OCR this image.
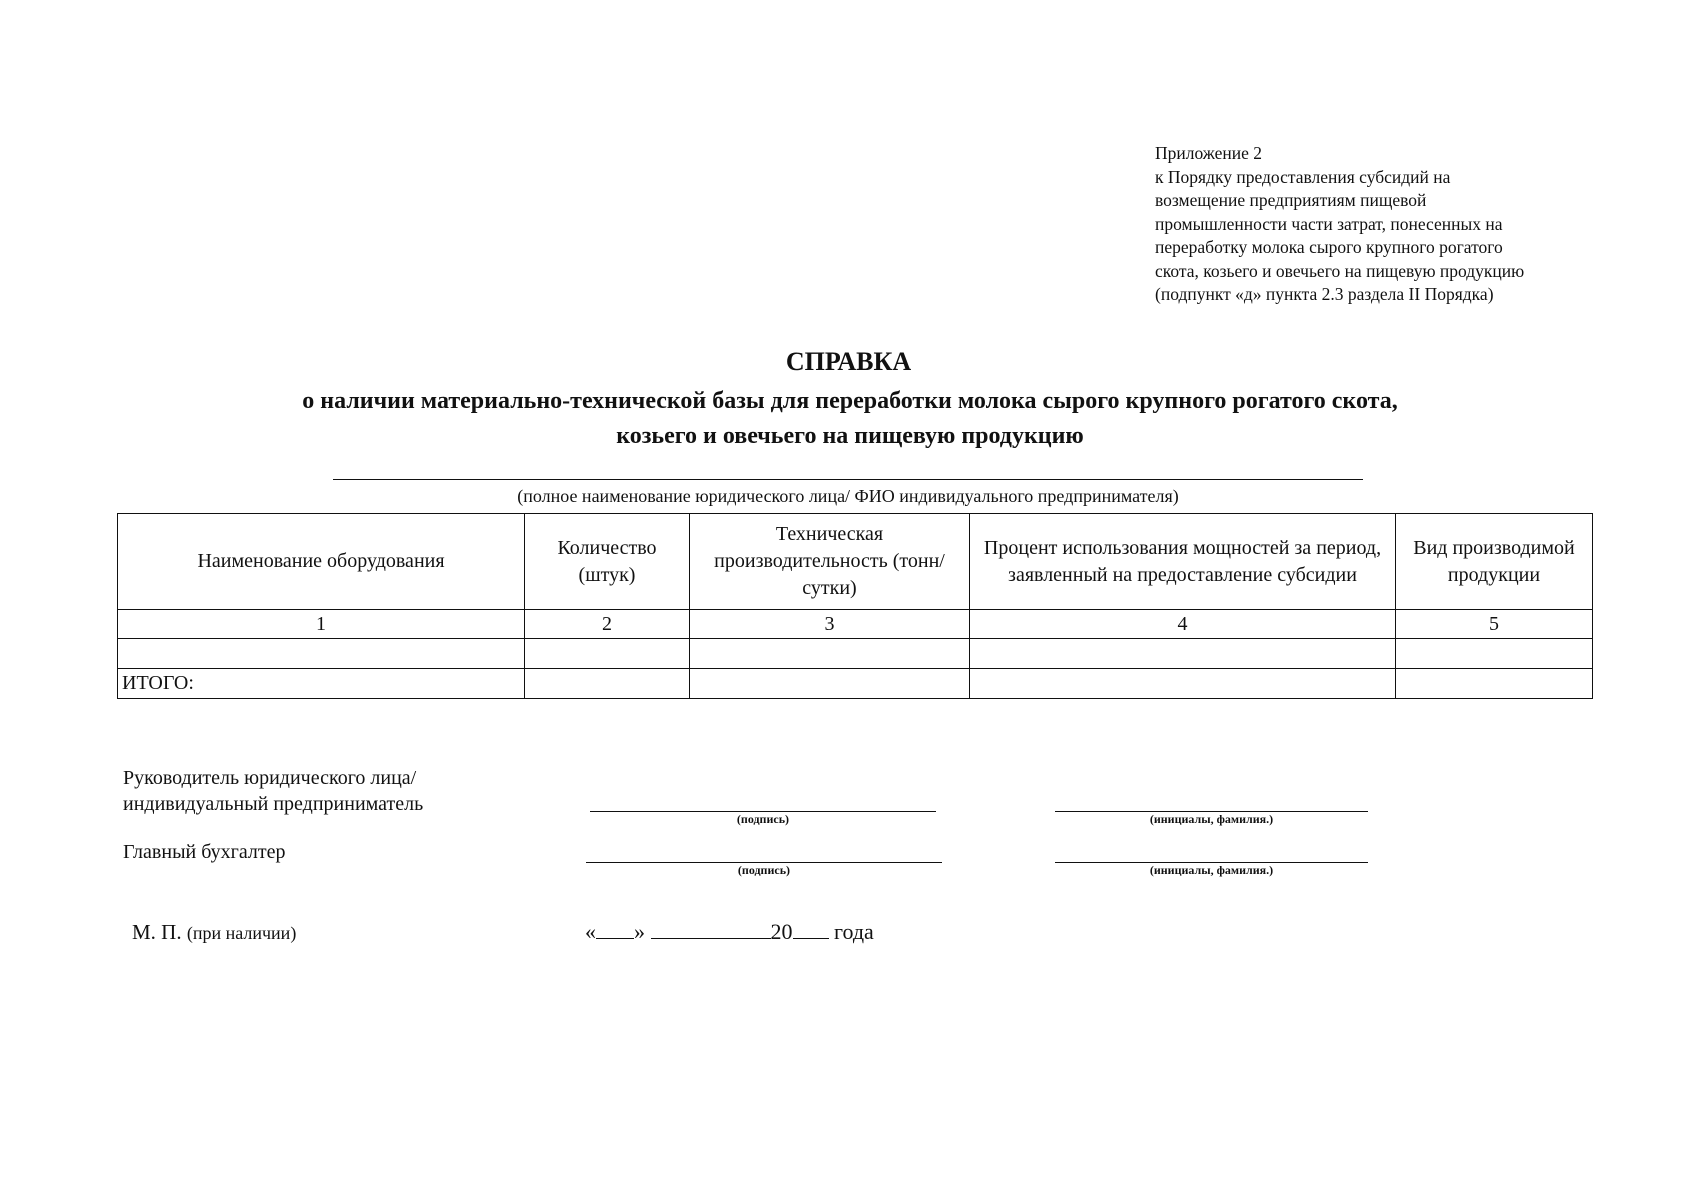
Приложение 2
к Порядку предоставления субсидий на
возмещение предприятиям пищевой
промышленности части затрат, понесенных на
переработку молока сырого крупного рогатого
скота, козьего и овечьего на пищевую продукцию
(подпункт «д» пункта 2.3 раздела II Порядка)
СПРАВКА
о наличии материально-технической базы для переработки молока сырого крупного рогатого скота,
козьего и овечьего на пищевую продукцию
(полное наименование юридического лица/ ФИО индивидуального предпринимателя)
Наименование оборудования	Количество (штук)	Техническая производительность (тонн/сутки)	Процент использования мощностей за период, заявленный на предоставление субсидии	Вид производимой продукции
1	2	3	4	5

ИТОГО:				
Руководитель юридического лица/
индивидуальный предприниматель
(подпись)	(инициалы, фамилия.)
Главный бухгалтер
(подпись)	(инициалы, фамилия.)
М. П. (при наличии)	« »	20 года
